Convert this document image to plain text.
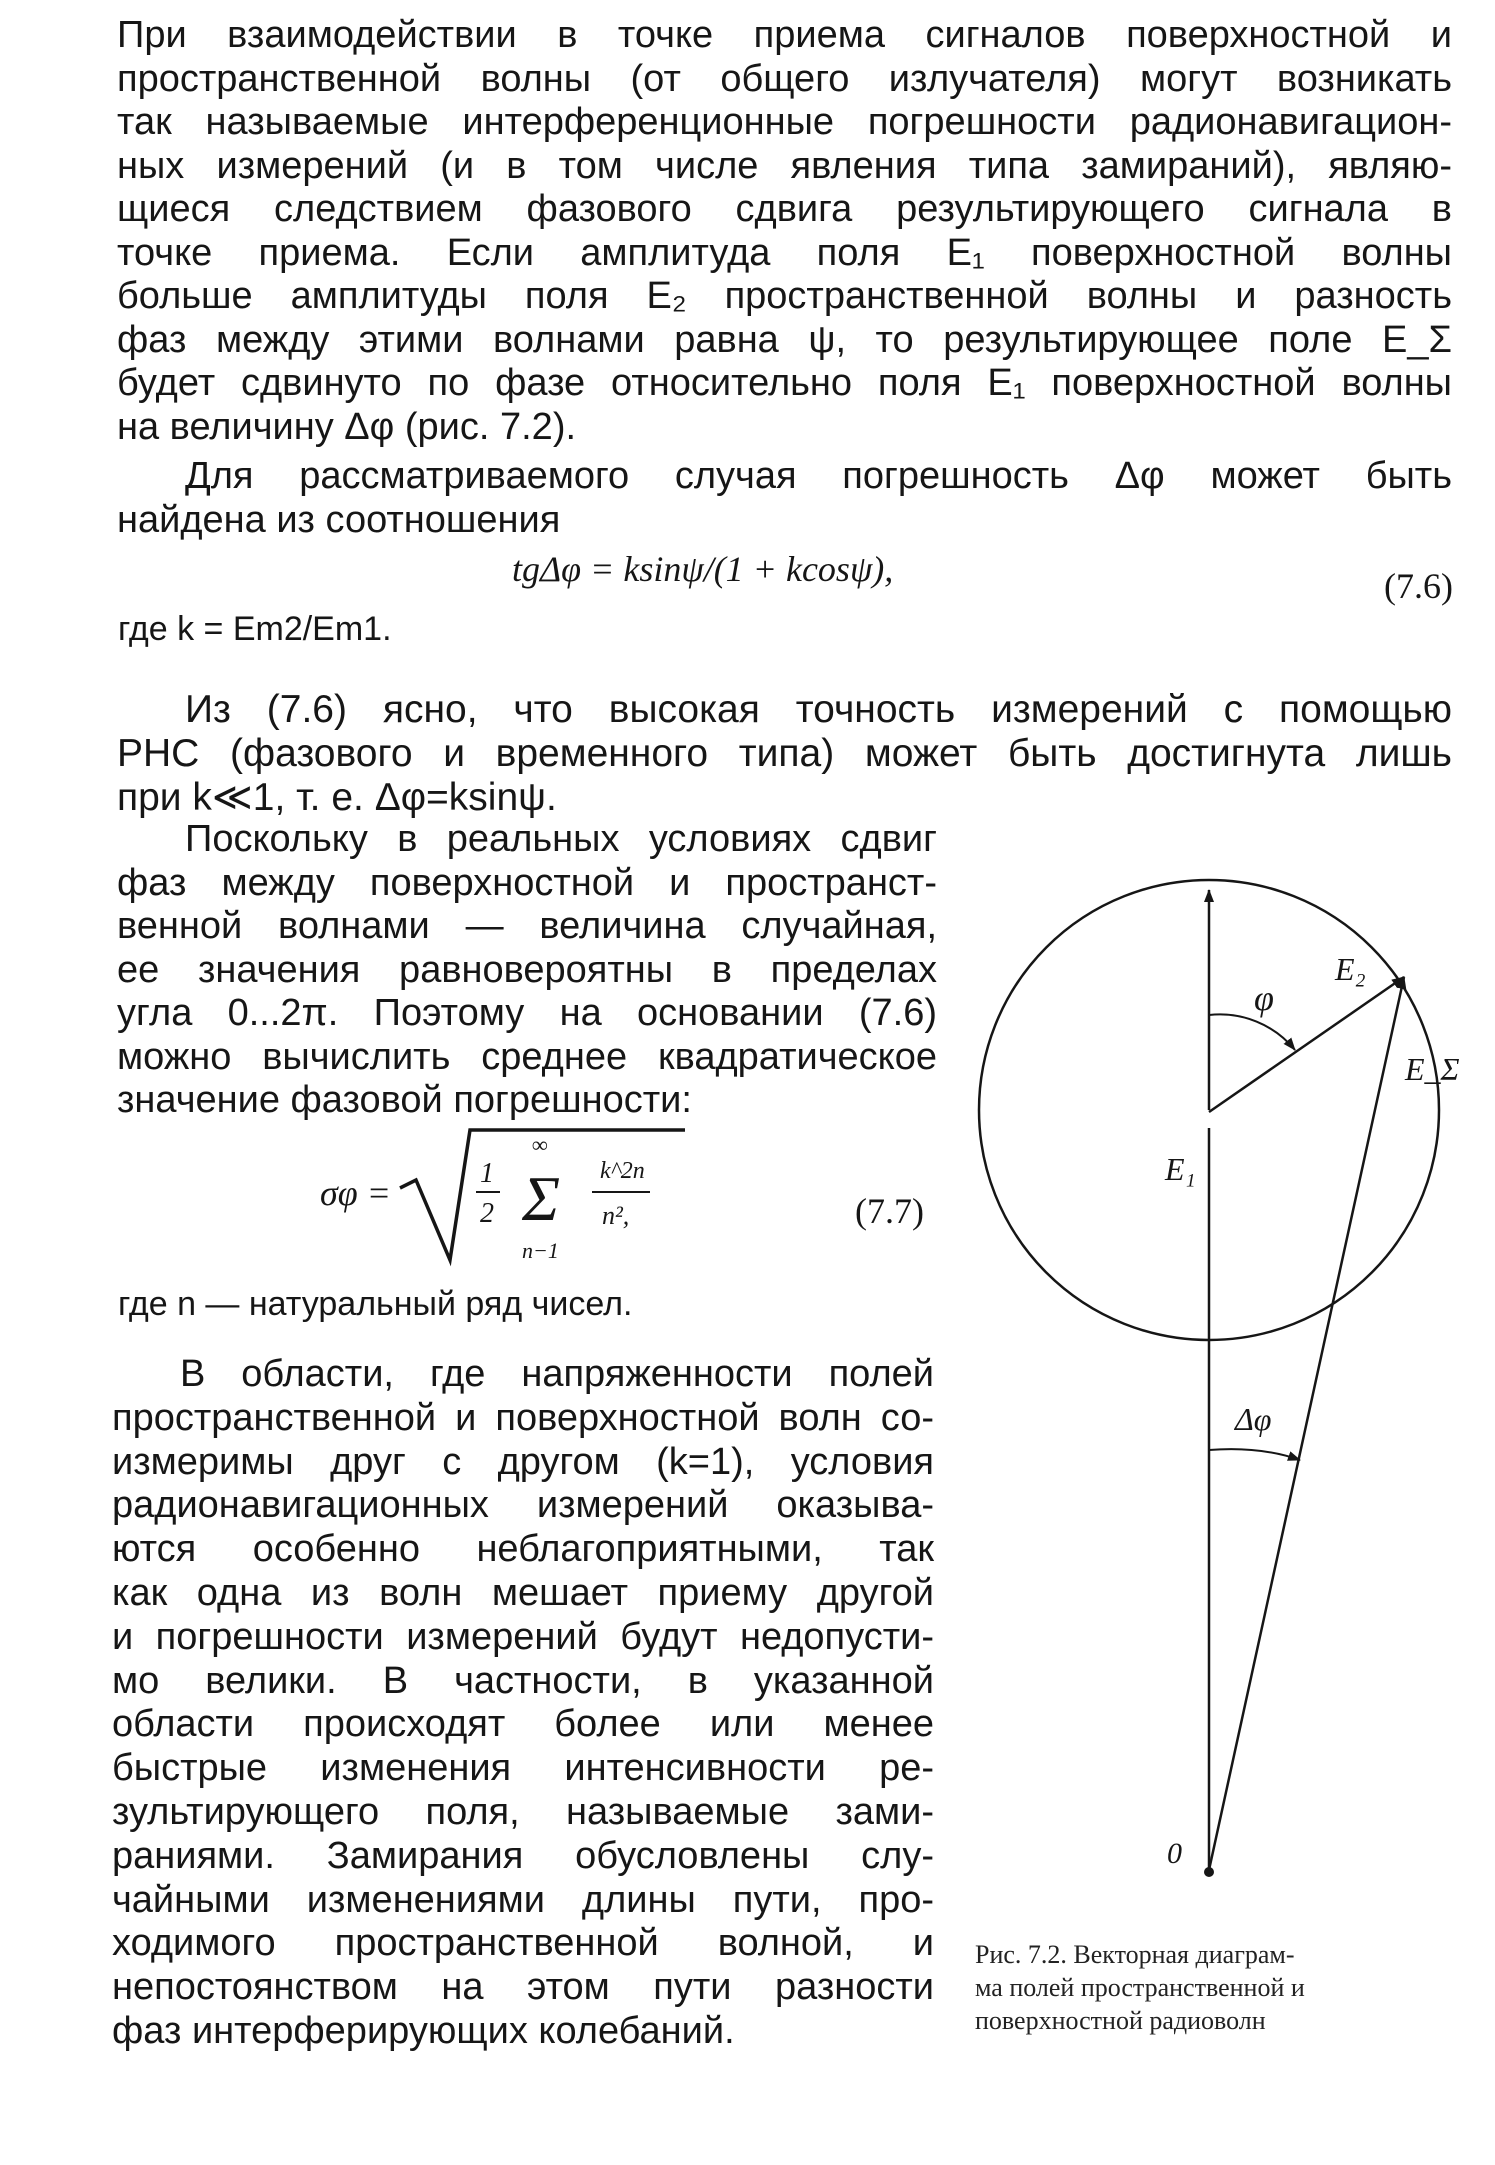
При взаимодействии в точке приема сигналов поверхностной и
пространственной волны (от общего излучателя) могут возникать
так называемые интерференционные погрешности радионавигацион-
ных измерений (и в том числе явления типа замираний), являю-
щиеся следствием фазового сдвига результирующего сигнала в
точке приема. Если амплитуда поля E₁ поверхностной волны
больше амплитуды поля E₂ пространственной волны и разность
фаз между этими волнами равна ψ, то результирующее поле E_Σ
будет сдвинуто по фазе относительно поля E₁ поверхностной волны
на величину Δφ (рис. 7.2).
Для рассматриваемого случая погрешность Δφ может быть
найдена из соотношения
tgΔφ = ksinψ/(1 + kcosψ),	(7.6)
где k = Em2/Em1.
Из (7.6) ясно, что высокая точность измерений с помощью
РНС (фазового и временного типа) может быть достигнута лишь
при k≪1, т. е. Δφ=ksinψ.
Поскольку в реальных условиях сдвиг
фаз между поверхностной и пространст-
венной волнами — величина случайная,
ее значения равновероятны в пределах
угла 0...2π. Поэтому на основании (7.6)
можно вычислить среднее квадратическое
значение фазовой погрешности:
σφ =	1
2
∞
Σ
n−1
k^2n
n²,	(7.7)
где n — натуральный ряд чисел.
В области, где напряженности полей
пространственной и поверхностной волн со-
измеримы друг с другом (k=1), условия
радионавигационных измерений оказыва-
ются особенно неблагоприятными, так
как одна из волн мешает приему другой
и погрешности измерений будут недопусти-
мо велики. В частности, в указанной
области происходят более или менее
быстрые изменения интенсивности ре-
зультирующего поля, называемые зами-
раниями. Замирания обусловлены слу-
чайными изменениями длины пути, про-
ходимого пространственной волной, и
непостоянством на этом пути разности
фаз интерферирующих колебаний.
φ
E₂
E_Σ
E₁
Δφ
0
Рис. 7.2. Векторная диаграм-
ма полей пространственной и
поверхностной радиоволн
